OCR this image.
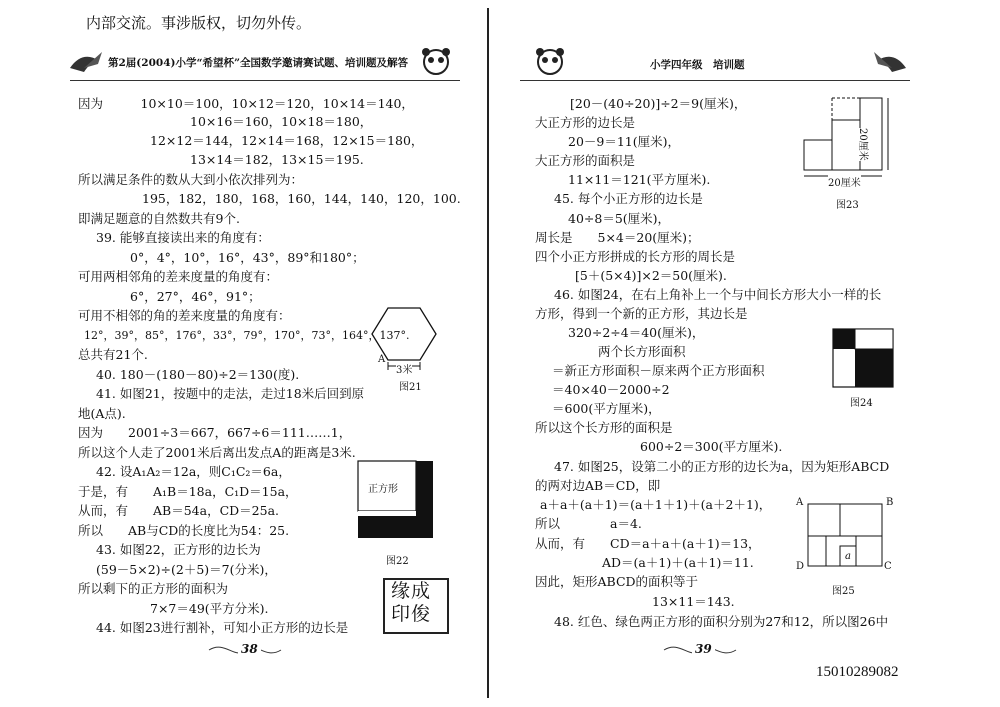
内部交流。事涉版权，切勿外传。
第2届(2004)小学“希望杯”全国数学邀请赛试题、培训题及解答	小学四年级　培训题
因为　　　10×10＝100，10×12＝120，10×14＝140，
10×16＝160，10×18＝180，
12×12＝144，12×14＝168，12×15＝180，
13×14＝182，13×15＝195.
所以满足条件的数从大到小依次排列为：
195，182，180，168，160，144，140，120，100.
即满足题意的自然数共有9个.
39. 能够直接读出来的角度有：
0°，4°，10°，16°，43°，89°和180°；
可用两相邻角的差来度量的角度有：
6°，27°，46°，91°；
可用不相邻的角的差来度量的角度有：
12°，39°，85°，176°，33°，79°，170°，73°，164°，137°.
总共有21个.
40. 180－(180－80)÷2＝130(度).
41. 如图21，按题中的走法，走过18米后回到原
地(A点).
因为　　2001÷3＝667，667÷6＝111……1，
所以这个人走了2001米后离出发点A的距离是3米.
42. 设A₁A₂＝12a，则C₁C₂＝6a，
于是，有　　A₁B＝18a，C₁D＝15a，
从而，有　　AB＝54a，CD＝25a.
所以　　AB与CD的长度比为54：25.
43. 如图22，正方形的边长为
(59－5×2)÷(2＋5)＝7(分米)，
所以剩下的正方形的面积为
7×7＝49(平方分米).
44. 如图23进行割补，可知小正方形的边长是
A
3米
图21
正方形
图22
缘成
印俊
38
[20－(40÷20)]÷2＝9(厘米)，
大正方形的边长是
20－9＝11(厘米)，
大正方形的面积是
11×11＝121(平方厘米).
45. 每个小正方形的边长是
40÷8＝5(厘米)，
周长是　　5×4＝20(厘米)；
四个小正方形拼成的长方形的周长是
[5＋(5×4)]×2＝50(厘米).
46. 如图24，在右上角补上一个与中间长方形大小一样的长
方形，得到一个新的正方形，其边长是
320÷2÷4＝40(厘米)，
两个长方形面积
＝新正方形面积－原来两个正方形面积
＝40×40－2000÷2
＝600(平方厘米)，
所以这个长方形的面积是
600÷2＝300(平方厘米).
47. 如图25，设第二小的正方形的边长为a，因为矩形ABCD
的两对边AB＝CD，即
a＋a＋(a＋1)＝(a＋1＋1)＋(a＋2＋1)，
所以　　　　a＝4.
从而，有　　CD＝a＋a＋(a＋1)＝13，
AD＝(a＋1)＋(a＋1)＝11.
因此，矩形ABCD的面积等于
13×11＝143.
48. 红色、绿色两正方形的面积分别为27和12，所以图26中
20厘米
20厘米
图23
图24
A	B
C
D
a
图25
39
15010289082
